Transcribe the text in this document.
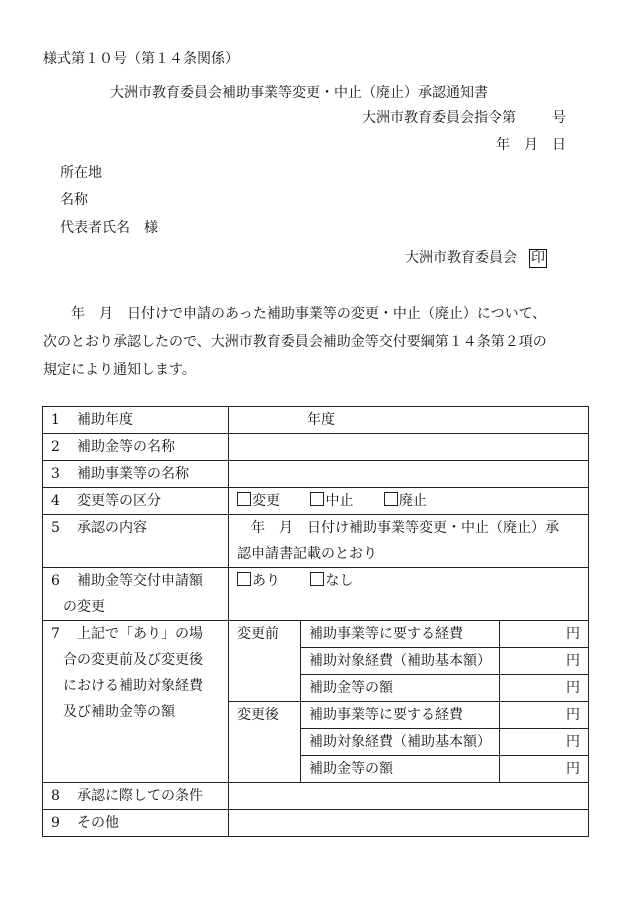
様式第１０号（第１４条関係）
大洲市教育委員会補助事業等変更・中止（廃止）承認通知書
大洲市教育委員会指令第	号
年 月 日
所在地
名称
代表者氏名　様
大洲市教育委員会 印

年　月　日付けで申請のあった補助事業等の変更・中止（廃止）について、

次のとおり承認したので、大洲市教育委員会補助金等交付要綱第１４条第２項の

規定により通知します。

1 補助年度	年度		
2 補助金等の名称			
3 補助事業等の名称			
4 変更等の区分	変更 中止 廃止		
5 承認の内容	　年　月　日付け補助事業等変更・中止（廃止）承
認申請書記載のとおり		

6 補助金等交付申請額
の変更	あり なし		

7 上記で「あり」の場
合の変更前及び変更後
における補助対象経費
及び補助金等の額	変更前	補助事業等に要する経費	円
		補助対象経費（補助基本額）	円
		補助金等の額	円
	変更後	補助事業等に要する経費	円
		補助対象経費（補助基本額）	円
		補助金等の額	円
8 承認に際しての条件			
9 その他			
